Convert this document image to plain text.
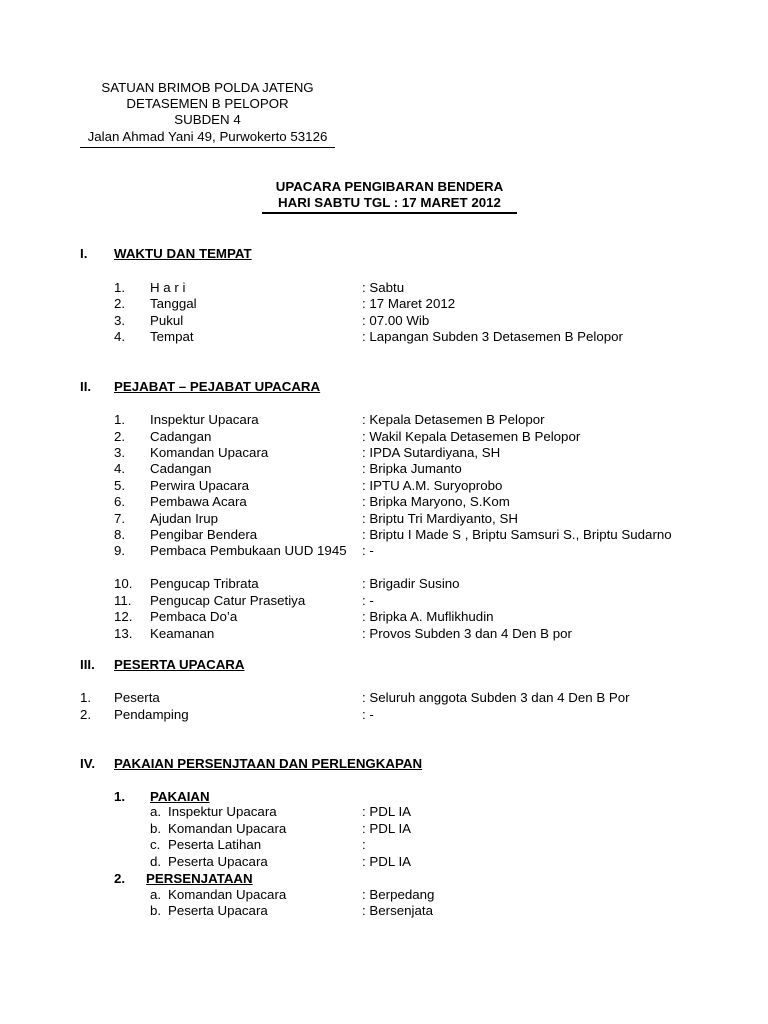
SATUAN BRIMOB POLDA JATENG
DETASEMEN B PELOPOR
SUBDEN 4
Jalan Ahmad Yani 49, Purwokerto 53126
UPACARA PENGIBARAN BENDERA
HARI SABTU TGL : 17 MARET 2012
I. WAKTU DAN TEMPAT
1. H a r i	: Sabtu
2. Tanggal	: 17 Maret 2012
3. Pukul	: 07.00 Wib
4. Tempat	: Lapangan Subden 3 Detasemen B Pelopor
II. PEJABAT – PEJABAT UPACARA
1. Inspektur Upacara	: Kepala Detasemen B Pelopor
2. Cadangan	: Wakil Kepala Detasemen B Pelopor
3. Komandan Upacara	: IPDA Sutardiyana, SH
4. Cadangan	: Bripka Jumanto
5. Perwira Upacara	: IPTU A.M. Suryoprobo
6. Pembawa Acara	: Bripka Maryono, S.Kom
7. Ajudan Irup	: Briptu Tri Mardiyanto, SH
8. Pengibar Bendera	: Briptu I Made S , Briptu Samsuri S., Briptu Sudarno
9. Pembaca Pembukaan UUD 1945 : -
10. Pengucap Tribrata	: Brigadir Susino
11. Pengucap Catur Prasetiya	: -
12. Pembaca Do’a	: Bripka A. Muflikhudin
13. Keamanan	: Provos Subden 3 dan 4 Den B por
III. PESERTA UPACARA
1. Peserta	: Seluruh anggota Subden 3 dan 4 Den B Por
2. Pendamping	: -
IV. PAKAIAN PERSENJTAAN DAN PERLENGKAPAN
1. PAKAIAN
a. Inspektur Upacara	: PDL IA
b. Komandan Upacara	: PDL IA
c. Peserta Latihan	:
d. Peserta Upacara	: PDL IA
2. PERSENJATAAN
a. Komandan Upacara	: Berpedang
b. Peserta Upacara	: Bersenjata
